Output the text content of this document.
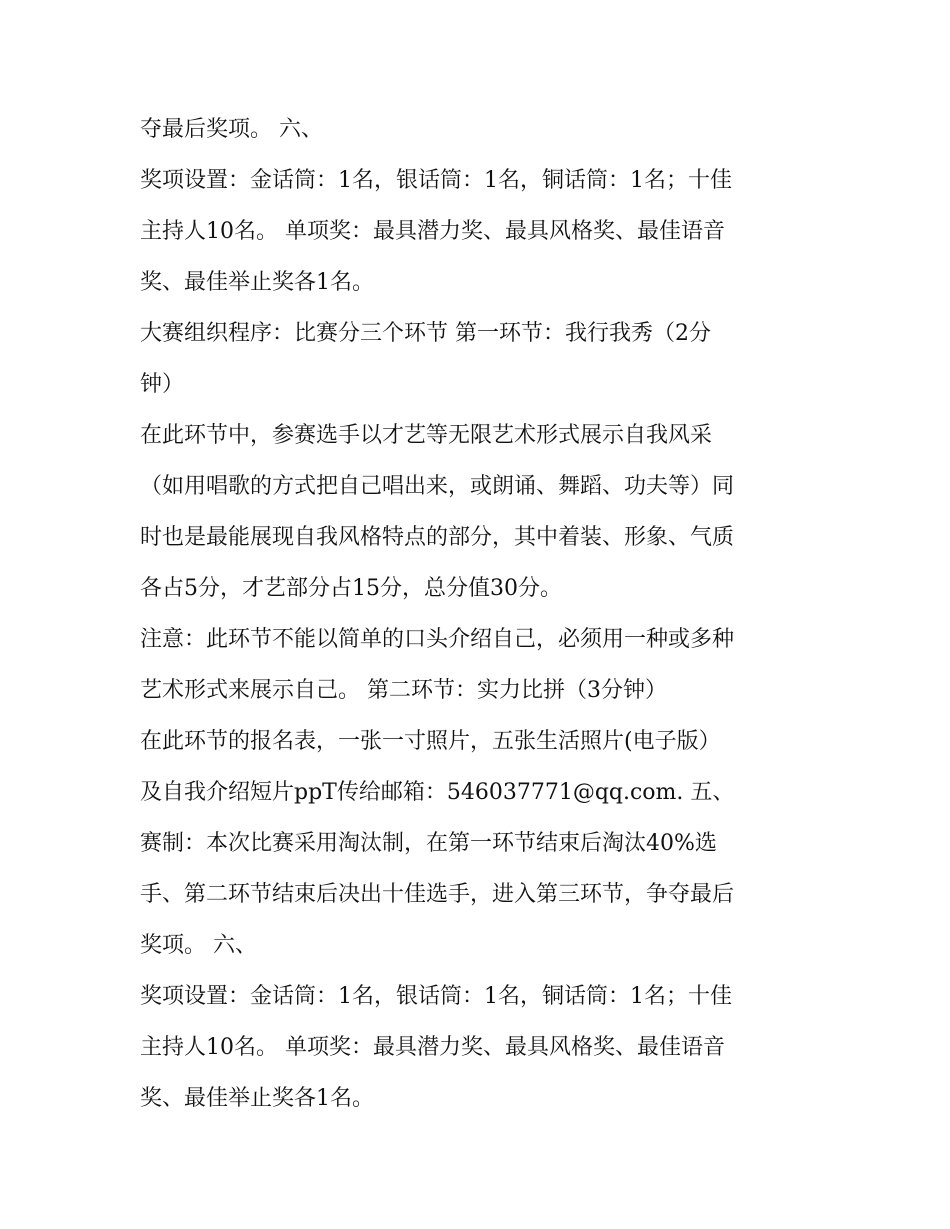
夺最后奖项。 六、
奖项设置：金话筒：1名，银话筒：1名，铜话筒：1名；十佳
主持人10名。 单项奖：最具潜力奖、最具风格奖、最佳语音
奖、最佳举止奖各1名。
大赛组织程序：比赛分三个环节 第一环节：我行我秀（2分
钟）
在此环节中，参赛选手以才艺等无限艺术形式展示自我风采
（如用唱歌的方式把自己唱出来，或朗诵、舞蹈、功夫等）同
时也是最能展现自我风格特点的部分，其中着装、形象、气质
各占5分，才艺部分占15分，总分值30分。
注意：此环节不能以简单的口头介绍自己，必须用一种或多种
艺术形式来展示自己。 第二环节：实力比拼（3分钟）
在此环节的报名表，一张一寸照片，五张生活照片(电子版）
及自我介绍短片ppT传给邮箱：546037771@qq.com. 五、
赛制：本次比赛采用淘汰制，在第一环节结束后淘汰40%选
手、第二环节结束后决出十佳选手，进入第三环节，争夺最后
奖项。 六、
奖项设置：金话筒：1名，银话筒：1名，铜话筒：1名；十佳
主持人10名。 单项奖：最具潜力奖、最具风格奖、最佳语音
奖、最佳举止奖各1名。
